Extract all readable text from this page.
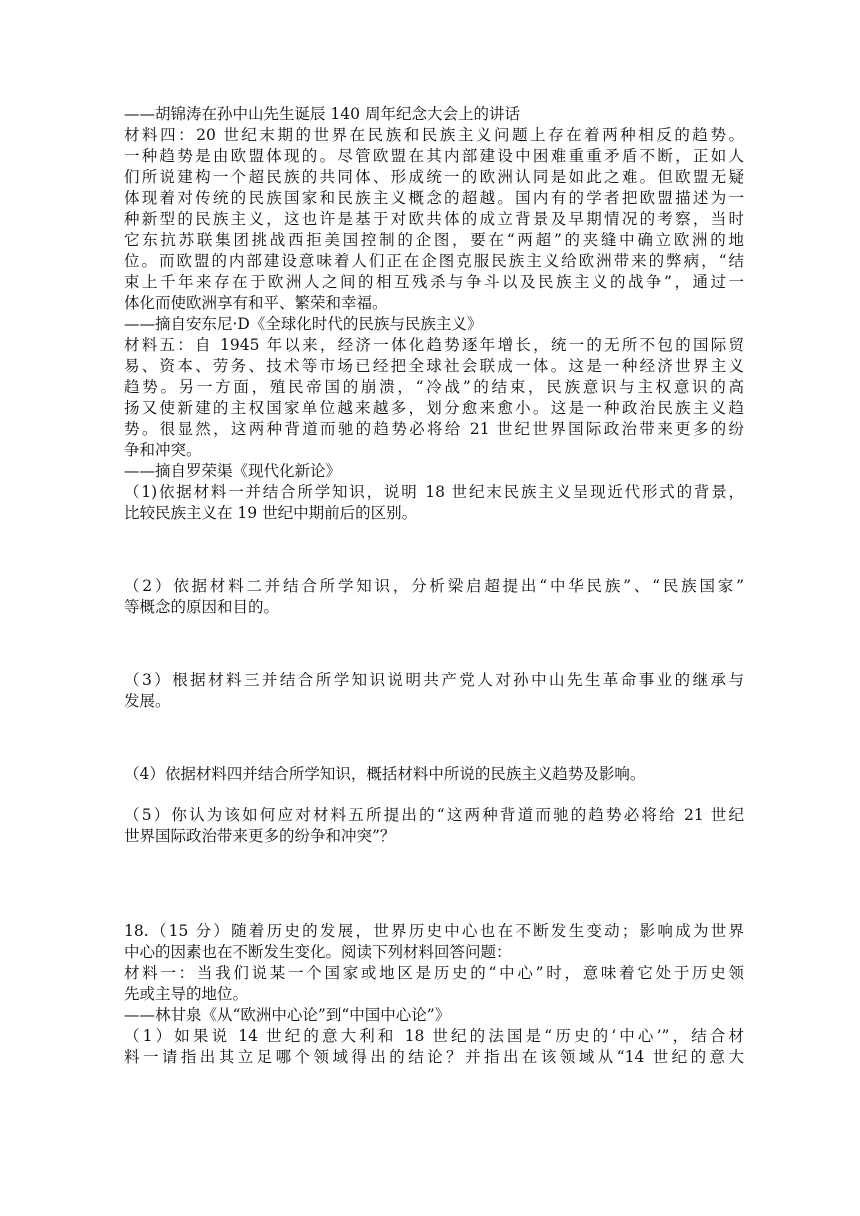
——胡锦涛在孙中山先生诞辰 140 周年纪念大会上的讲话
材料四：20 世纪末期的世界在民族和民族主义问题上存在着两种相反的趋势。
一种趋势是由欧盟体现的。尽管欧盟在其内部建设中困难重重矛盾不断，正如人
们所说建构一个超民族的共同体、形成统一的欧洲认同是如此之难。但欧盟无疑
体现着对传统的民族国家和民族主义概念的超越。国内有的学者把欧盟描述为一
种新型的民族主义，这也许是基于对欧共体的成立背景及早期情况的考察，当时
它东抗苏联集团挑战西拒美国控制的企图，要在“两超”的夹缝中确立欧洲的地
位。而欧盟的内部建设意味着人们正在企图克服民族主义给欧洲带来的弊病，“结
束上千年来存在于欧洲人之间的相互残杀与争斗以及民族主义的战争”，通过一
体化而使欧洲享有和平、繁荣和幸福。
——摘自安东尼·D《全球化时代的民族与民族主义》
材料五：自 1945 年以来，经济一体化趋势逐年增长，统一的无所不包的国际贸
易、资本、劳务、技术等市场已经把全球社会联成一体。这是一种经济世界主义
趋势。另一方面，殖民帝国的崩溃，“冷战”的结束，民族意识与主权意识的高
扬又使新建的主权国家单位越来越多，划分愈来愈小。这是一种政治民族主义趋
势。很显然，这两种背道而驰的趋势必将给 21 世纪世界国际政治带来更多的纷
争和冲突。
——摘自罗荣渠《现代化新论》
（1)依据材料一并结合所学知识，说明 18 世纪末民族主义呈现近代形式的背景，
比较民族主义在 19 世纪中期前后的区别。
（2）依据材料二并结合所学知识，分析梁启超提出“中华民族”、“民族国家”
等概念的原因和目的。
（3）根据材料三并结合所学知识说明共产党人对孙中山先生革命事业的继承与
发展。
（4）依据材料四并结合所学知识，概括材料中所说的民族主义趋势及影响。
（5）你认为该如何应对材料五所提出的“这两种背道而驰的趋势必将给 21 世纪
世界国际政治带来更多的纷争和冲突”？
18.（15 分）随着历史的发展，世界历史中心也在不断发生变动；影响成为世界
中心的因素也在不断发生变化。阅读下列材料回答问题：
材料一：当我们说某一个国家或地区是历史的“中心”时，意味着它处于历史领
先或主导的地位。
——林甘泉《从“欧洲中心论”到“中国中心论”》
（1）如果说 14 世纪的意大利和 18 世纪的法国是“历史的‘中心’”，结合材
料一请指出其立足哪个领域得出的结论？并指出在该领域从“14 世纪的意大
